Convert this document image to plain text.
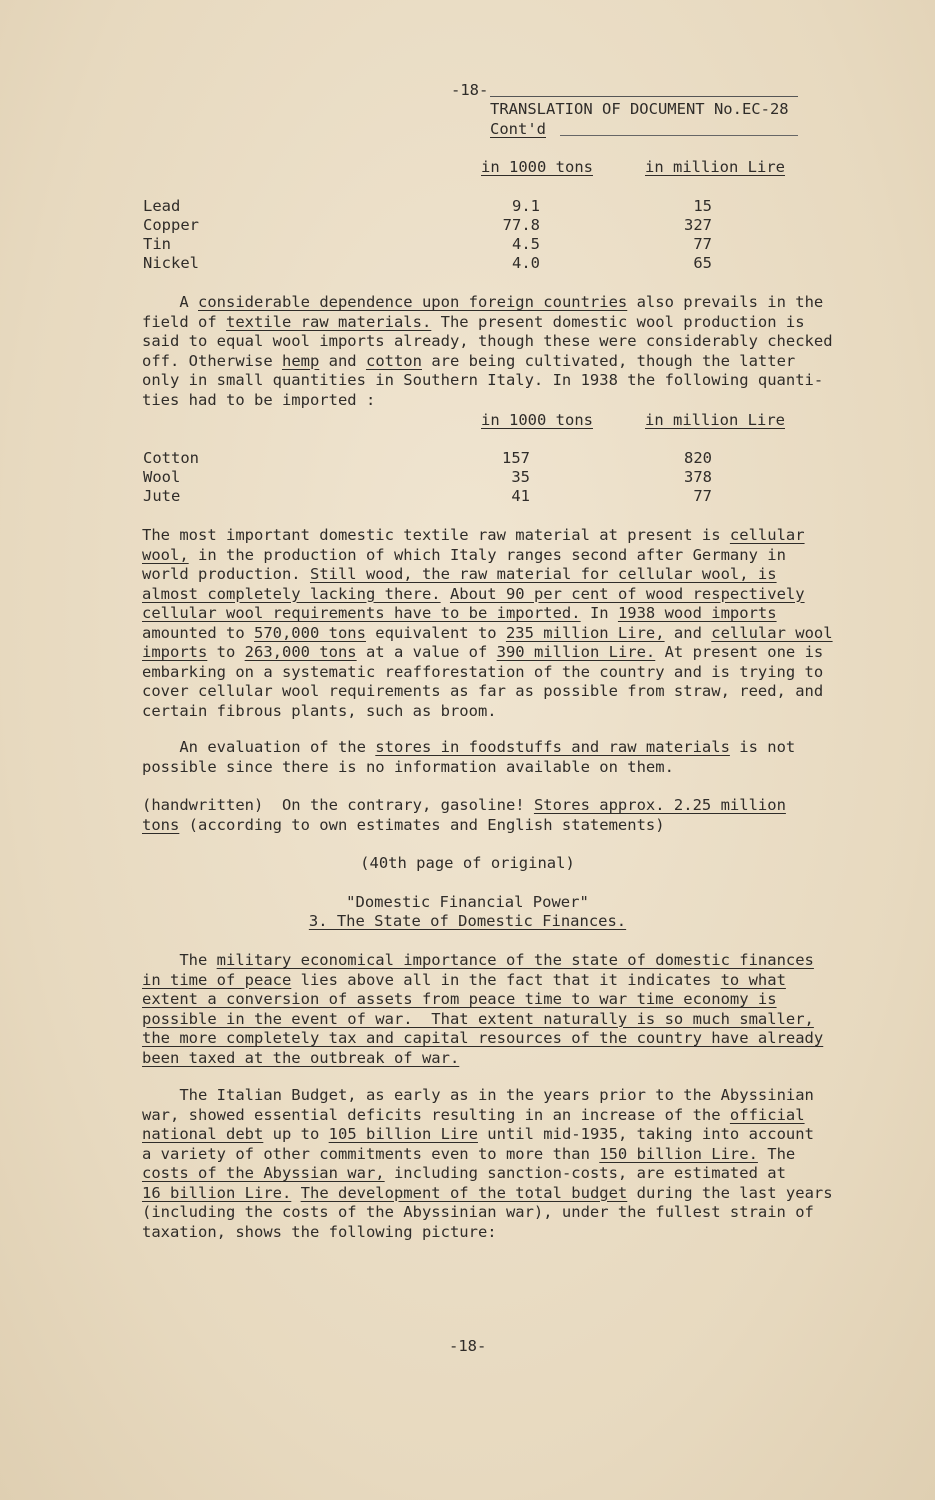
-18-
TRANSLATION OF DOCUMENT No.EC-28
Cont'd
in 1000 tons	in million Lire
Lead	9.1	15
Copper	77.8	327
Tin	4.5	77
Nickel	4.0	65
A considerable dependence upon foreign countries also prevails in the
field of textile raw materials. The present domestic wool production is
said to equal wool imports already, though these were considerably checked
off. Otherwise hemp and cotton are being cultivated, though the latter
only in small quantities in Southern Italy. In 1938 the following quanti-
ties had to be imported :
in 1000 tons	in million Lire
Cotton	157	820
Wool	35	378
Jute	41	77
The most important domestic textile raw material at present is cellular
wool, in the production of which Italy ranges second after Germany in
world production. Still wood, the raw material for cellular wool, is
almost completely lacking there. About 90 per cent of wood respectively
cellular wool requirements have to be imported. In 1938 wood imports
amounted to 570,000 tons equivalent to 235 million Lire, and cellular wool
imports to 263,000 tons at a value of 390 million Lire. At present one is
embarking on a systematic reafforestation of the country and is trying to
cover cellular wool requirements as far as possible from straw, reed, and
certain fibrous plants, such as broom.
An evaluation of the stores in foodstuffs and raw materials is not
possible since there is no information available on them.
(handwritten)  On the contrary, gasoline! Stores approx. 2.25 million
tons (according to own estimates and English statements)
(40th page of original)
"Domestic Financial Power"
3. The State of Domestic Finances.
The military economical importance of the state of domestic finances
in time of peace lies above all in the fact that it indicates to what
extent a conversion of assets from peace time to war time economy is
possible in the event of war.  That extent naturally is so much smaller,
the more completely tax and capital resources of the country have already
been taxed at the outbreak of war.
The Italian Budget, as early as in the years prior to the Abyssinian
war, showed essential deficits resulting in an increase of the official
national debt up to 105 billion Lire until mid-1935, taking into account
a variety of other commitments even to more than 150 billion Lire. The
costs of the Abyssian war, including sanction-costs, are estimated at
16 billion Lire. The development of the total budget during the last years
(including the costs of the Abyssinian war), under the fullest strain of
taxation, shows the following picture:
-18-
